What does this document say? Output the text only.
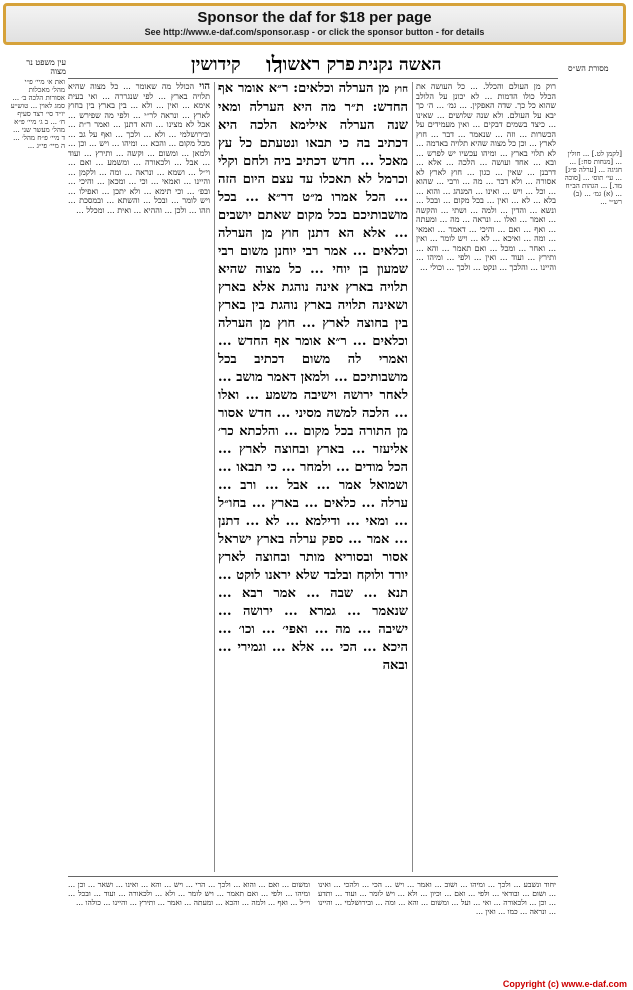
Sponsor the daf for $18 per page
See http://www.e-daf.com/sponsor.asp - or click the sponsor button - for details
עין משפט נר מצוה	לו
קידושין פרק ראשון האשה נקנית	מסורת הש״ס
[לקמן לט.] ... חולין ... [מנחות סח:] ... חגיגה ... [ערלה פ״ג] ... עי׳ תוס׳ ... [סוכה מד.] ... הגהות הב״ח ... (א) גמ׳ ... (ב) רש״י ...
ואת א׳ מיי׳ פ״י מהל׳ מאכלות אסורות הלכה ב׳ ... סמג לאוין ... טוש״ע יו״ד סי׳ רצד סעיף ח׳ ... ב ג׳ מיי׳ פ״א מהל׳ מעשר שני ... ד מיי׳ פ״ח מהל׳ ... ה מיי׳ פי״ג ...

רוק מן העולם והכלל. ... כל העושה את הכלל כולו הדמות ... לא יכונן על הלולב שהוא כל כך. שדה האפקין. ... גמ׳ ... ה׳ כך יבא על העולם. ולא שנה שלושים ... שאינו ... כיצד בשמים דבקים ... ואין מעמידים על הכשרות ... וזה ... שנאמר ... דבר ... חוץ לארץ ... וכן כל מצוה שהיא תלויה באדמה ... לא תלוי בארץ ... ומיהו עכשיו יש לפרש ... ובא ... אחד ועושה ... הלכה ... אלא ... דרבנן ... שאין ... כגון ... חוץ לארץ לא אסורה ... ולא דבר ... מה ... ורבי ... שהוא ... וכל ... ויש ... ואינו ... המנהג ... והוא ... בלא ... לא ... ואין ... בכל מקום ... ובכל ... ונשא ... והדין ... ולמה ... ושתי ... והקשה ... ואמר ... ואלו ... ונראה ... מה ... ומעתה ... ואף ... ואם ... והיכי ... דאמר ... ואמאי ... ומה ... ואיכא ... לא ... ויש לומר ... ואין ... ואחר ... ומכל ... ואם תאמר ... והא ... ותירץ ... ועוד ... ואין ... ולפי ... ומיהו ... והיינו ... והלכך ... ונקט ... ולכך ... וכולי ...

חוץ מן הערלה וכלאים: ר״א אומר אף החדש: ת״ר מה היא הערלה ומאי שנה הערלה אילימא הלכה היא דכתיב בה כי תבאו ונטעתם כל עץ מאכל ... חדש דכתיב ביה ולחם וקלי וכרמל לא תאכלו עד עצם היום הזה ... הכל אמרו מ״ט דר״א ... בכל מושבותיכם בכל מקום שאתם יושבים ... אלא הא דתנן חוץ מן הערלה וכלאים ... אמר רבי יוחנן משום רבי שמעון בן יוחי ... כל מצוה שהיא תלויה בארץ אינה נוהגת אלא בארץ ושאינה תלויה בארץ נוהגת בין בארץ בין בחוצה לארץ ... חוץ מן הערלה וכלאים ... ר״א אומר אף החדש ... ואמרי לה משום דכתיב בכל מושבותיכם ... ולמאן דאמר מושב ... לאחר ירושה וישיבה משמע ... ואלו ... הלכה למשה מסיני ... חדש אסור מן התורה בכל מקום ... והלכתא כר׳ אליעזר ... בארץ ובחוצה לארץ ... הכל מודים ... ולמחר ... כי תבאו ... ושמואל אמר ... אבל ... ורב ... ערלה ... כלאים ... בארץ ... בחו״ל ... ומאי ... ודילמא ... לא ... דתנן ... אמר ... ספק ערלה בארץ ישראל אסור ובסוריא מותר ובחוצה לארץ יורד ולוקח ובלבד שלא יראנו לוקט ... תנא ... שבה ... אמר רבא ... שנאמר ... גמרא ... ירושה ... ישיבה ... מה ... ואפי׳ ... וכו׳ ... היכא ... הכי ... אלא ... וגמירי ... ובאה

הוי הכולל מה שאומר ... כל מצוה שהיא תלויה בארץ ... לפי שנגררה ... ואי בעית אימא ... ואין ... ולא ... בין בארץ בין בחוץ לארץ ... ונראה לר״י ... ולפי מה שפירש ... אבל לא מצינו ... והא דתנן ... ואמר ר״ת ... ובירושלמי ... ולא ... ולכך ... ואף על גב ... מכל מקום ... והכא ... ומיהו ... ויש ... וכן ... ולמאן ... ומשום ... וקשה ... ותירץ ... ועוד ... אבל ... ולכאורה ... ומשמע ... ואם ... וי״ל ... ושמא ... ונראה ... ומה ... ולקמן ... והיינו ... ואמאי ... וכי ... ומכאן ... והיכי ... ובפ׳ ... וכי תימא ... ולא יתכן ... ואפילו ... ויש לומר ... ובכל ... והשתא ... ובמסכת ... וזהו ... ולכן ... וההיא ... ואית ... ומכלל ...

יחוד ונשבע ... ולכך ... ומיהו ... ושוב ... ואמר ... ויש ... הכי ... ולהכי ... ואינו ... ושום ... ובודאי ... ולפי ... ואם ... וכיון ... ולא ... ויש לומר ... ועוד ... ותדע ... וכן ... ולכאורה ... ואי ... ועל ... ומשום ... והא ... ומה ... ובירושלמי ... והיינו ... ונראה ... כמו ... ואין ...

ומשום ... ואם ... והוא ... ולכך ... הרי ... ויש ... והא ... ואינו ... ושאר ... וכן ... ומיהו ... ולפי ... ואם תאמר ... ויש לומר ... ולא ... ולכאורה ... ועוד ... ובכל ... וי״ל ... ואף ... ולמה ... והכא ... ומעתה ... ואמר ... ותירץ ... והיינו ... כולהו ...

Copyright (c) www.e-daf.com
